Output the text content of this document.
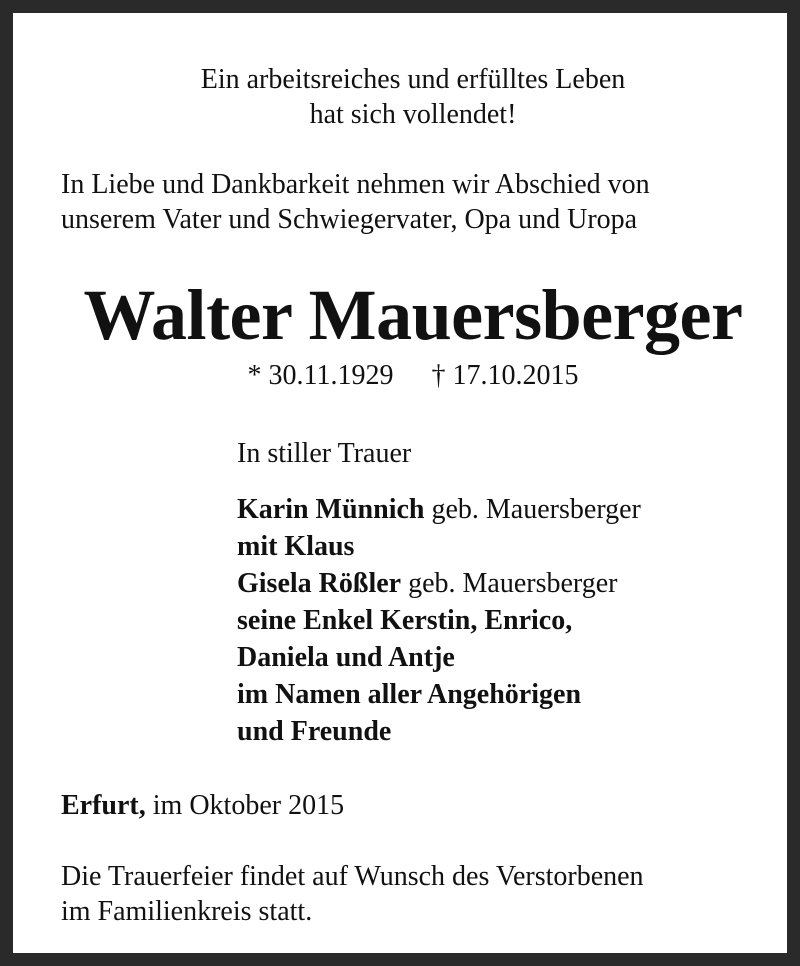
Ein arbeitsreiches und erfülltes Leben
hat sich vollendet!
In Liebe und Dankbarkeit nehmen wir Abschied von
unserem Vater und Schwiegervater, Opa und Uropa
Walter Mauersberger
* 30.11.1929 † 17.10.2015
In stiller Trauer
Karin Münnich geb. Mauersberger
mit Klaus
Gisela Rößler geb. Mauersberger
seine Enkel Kerstin, Enrico,
Daniela und Antje
im Namen aller Angehörigen
und Freunde
Erfurt, im Oktober 2015
Die Trauerfeier findet auf Wunsch des Verstorbenen
im Familienkreis statt.
